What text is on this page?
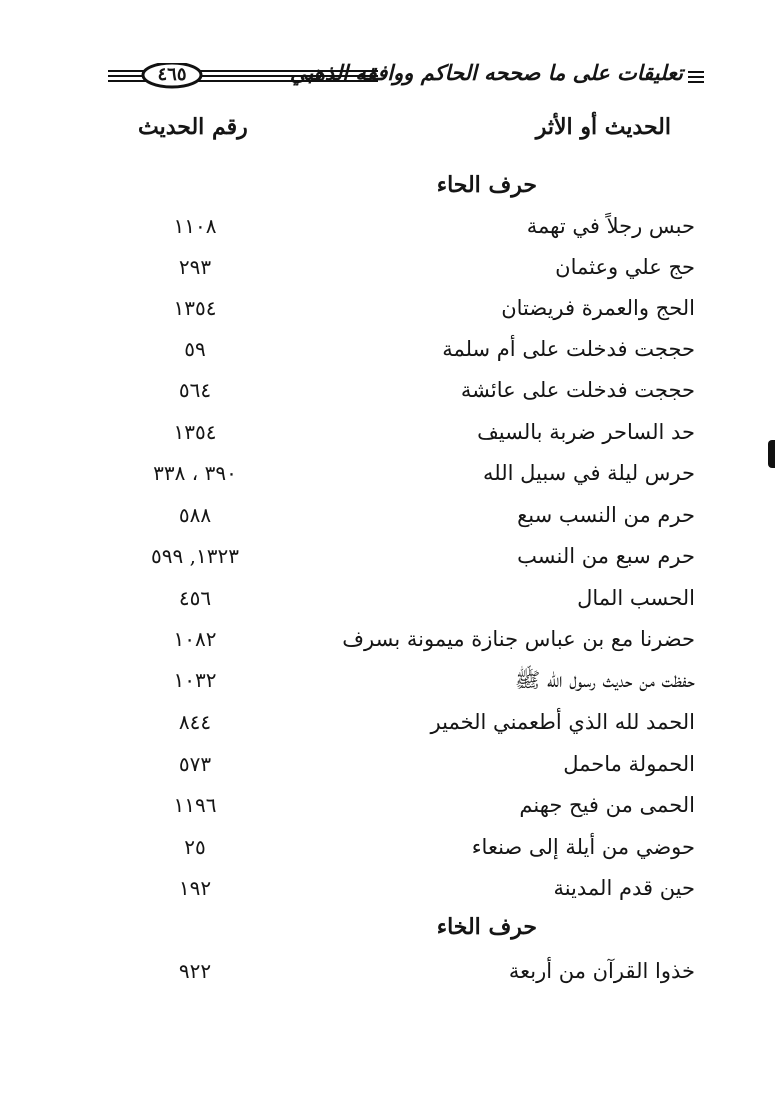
تعليقات على ما صححه الحاكم ووافقه الذهبي
٤٦٥
الحديث أو الأثر
رقم الحديث
حرف الحاء
حبس رجلاً في تهمة
١١٠٨
حج علي وعثمان
٢٩٣
الحج والعمرة فريضتان
١٣٥٤
حججت فدخلت على أم سلمة
٥٩
حججت فدخلت على عائشة
٥٦٤
حد الساحر ضربة بالسيف
١٣٥٤
حرس ليلة في سبيل الله
٣٩٠ ، ٣٣٨
حرم من النسب سبع
٥٨٨
حرم سبع من النسب
١٣٢٣, ٥٩٩
الحسب المال
٤٥٦
حضرنا مع بن عباس جنازة ميمونة بسرف
١٠٨٢
حفظت من حديث رسول الله ﷺ
١٠٣٢
الحمد لله الذي أطعمني الخمير
٨٤٤
الحمولة ماحمل
٥٧٣
الحمى من فيح جهنم
١١٩٦
حوضي من أيلة إلى صنعاء
٢٥
حين قدم المدينة
١٩٢
حرف الخاء
خذوا القرآن من أربعة
٩٢٢
